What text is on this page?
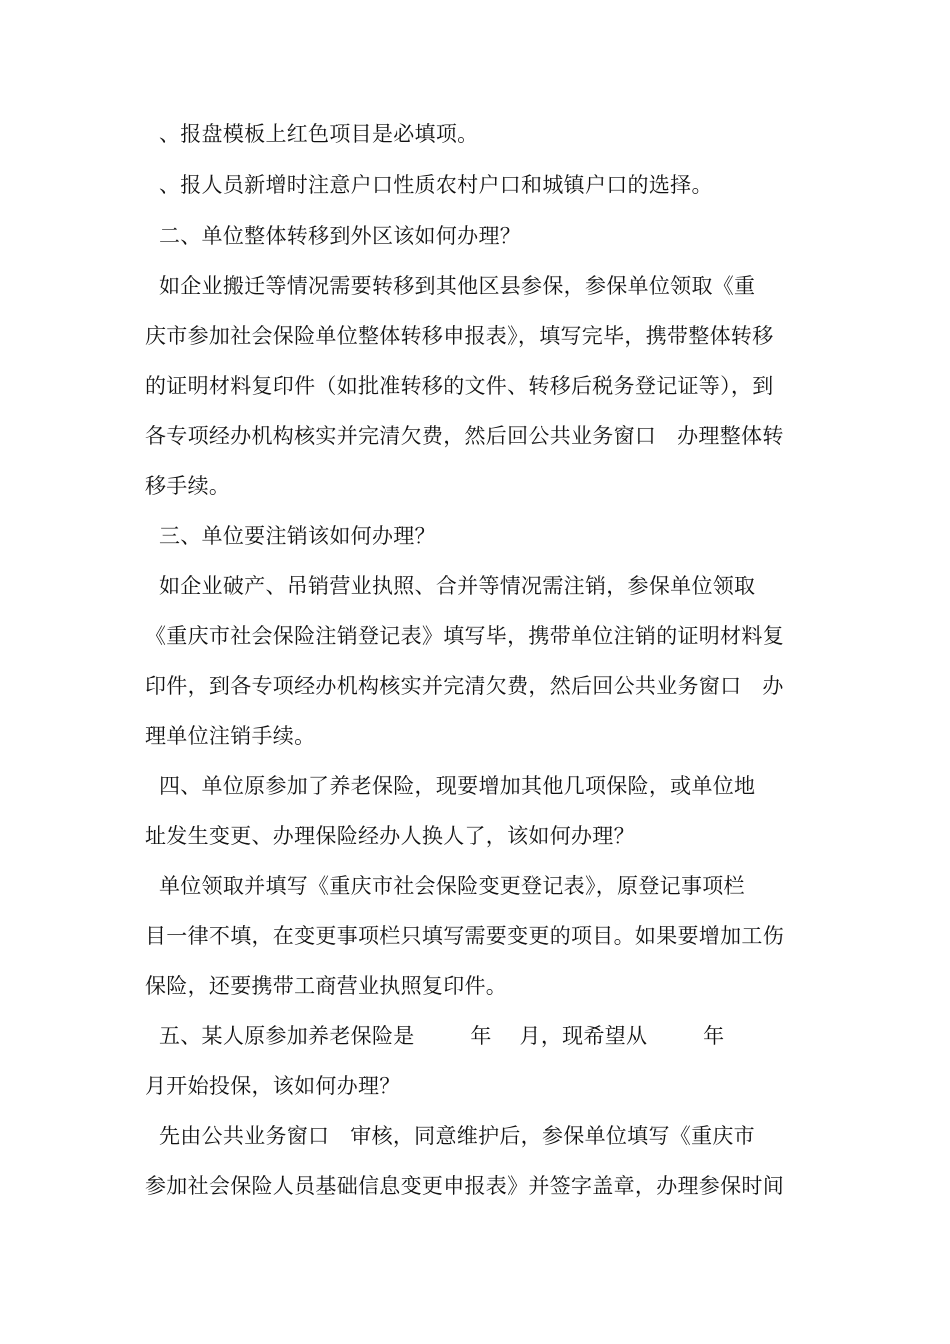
、报盘模板上红色项目是必填项。
、报人员新增时注意户口性质农村户口和城镇户口的选择。
二、单位整体转移到外区该如何办理？
如企业搬迁等情况需要转移到其他区县参保，参保单位领取《重
庆市参加社会保险单位整体转移申报表》，填写完毕，携带整体转移
的证明材料复印件（如批准转移的文件、转移后税务登记证等），到
各专项经办机构核实并完清欠费，然后回公共业务窗口   办理整体转
移手续。
三、单位要注销该如何办理？
如企业破产、吊销营业执照、合并等情况需注销，参保单位领取
《重庆市社会保险注销登记表》填写毕，携带单位注销的证明材料复
印件，到各专项经办机构核实并完清欠费，然后回公共业务窗口   办
理单位注销手续。
四、单位原参加了养老保险，现要增加其他几项保险，或单位地
址发生变更、办理保险经办人换人了，该如何办理？
单位领取并填写《重庆市社会保险变更登记表》，原登记事项栏
目一律不填，在变更事项栏只填写需要变更的项目。如果要增加工伤
保险，还要携带工商营业执照复印件。
五、某人原参加养老保险是        年    月，现希望从        年
月开始投保，该如何办理？
先由公共业务窗口   审核，同意维护后，参保单位填写《重庆市
参加社会保险人员基础信息变更申报表》并签字盖章，办理参保时间
